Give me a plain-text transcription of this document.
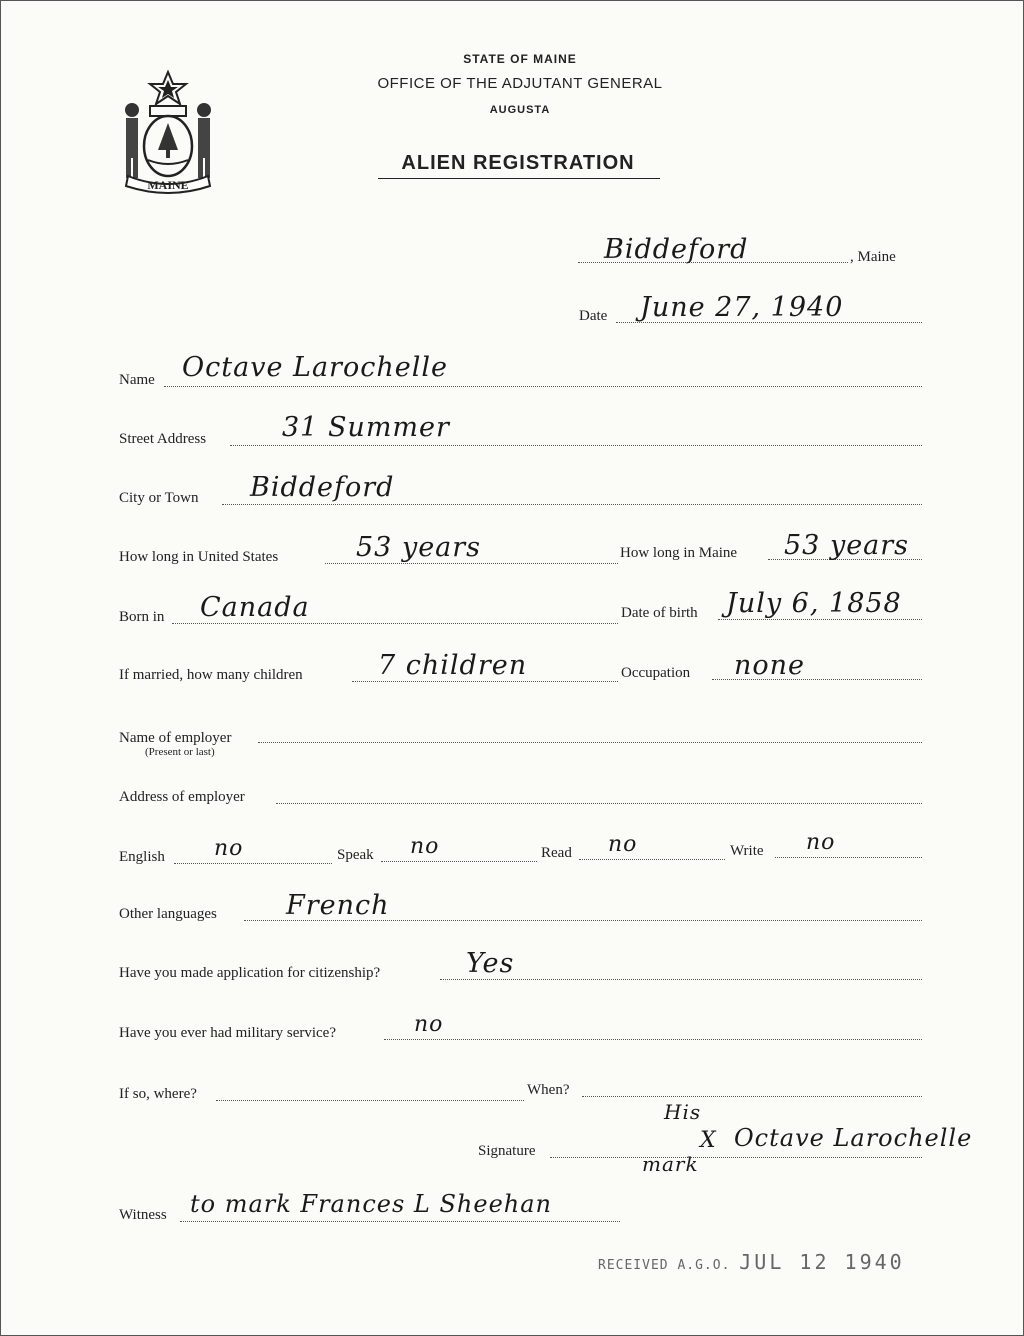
MAINE
STATE OF MAINE
OFFICE OF THE ADJUTANT GENERAL
AUGUSTA
ALIEN REGISTRATION
Biddeford	, Maine
Date June 27, 1940
Name Octave Larochelle
Street Address	31 Summer
City or Town Biddeford
How long in United States	53 years	How long in Maine 53 years
Born in Canada	Date of birth July 6, 1858
If married, how many children	7 children	Occupation none
Name of employer
(Present or last)
Address of employer
English no	Speak no	Read no	Write no
Other languages	French
Have you made application for citizenship?	Yes
Have you ever had military service?	no
If so, where?	When?
His
Signature	X Octave Larochelle
mark
Witness to mark Frances L Sheehan
RECEIVED A.G.O. JUL 12 1940
